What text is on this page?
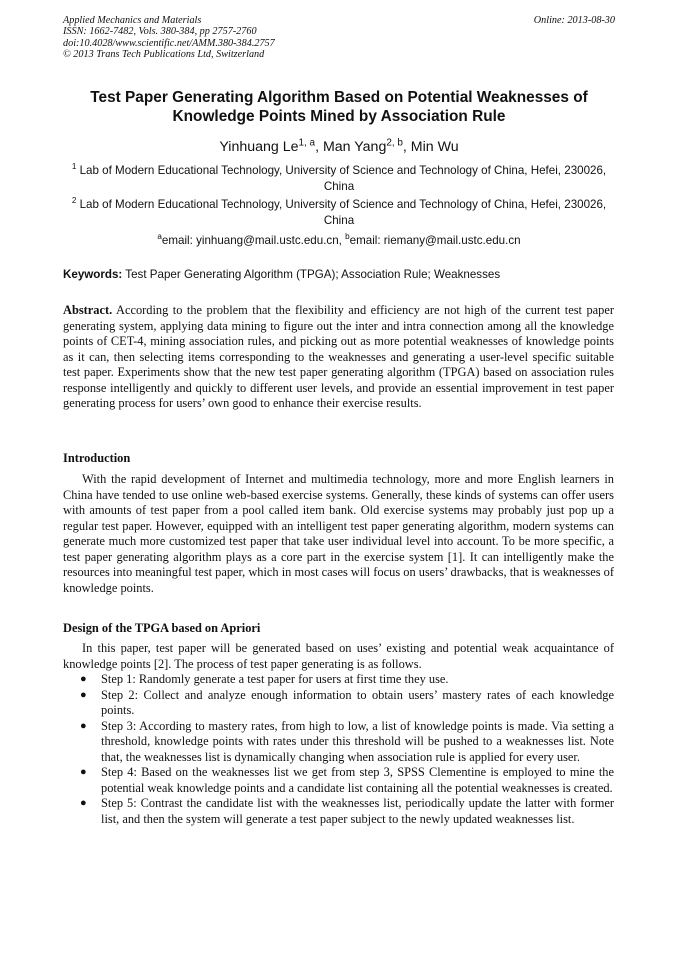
Applied Mechanics and Materials
ISSN: 1662-7482, Vols. 380-384, pp 2757-2760
doi:10.4028/www.scientific.net/AMM.380-384.2757
© 2013 Trans Tech Publications Ltd, Switzerland
Online: 2013-08-30
Test Paper Generating Algorithm Based on Potential Weaknesses of
Knowledge Points Mined by Association Rule
Yinhuang Le$^{1, a}$, Man Yang$^{2, b}$, Min Wu
$^1$ Lab of Modern Educational Technology, University of Science and Technology of China, Hefei, 230026, China
$^2$ Lab of Modern Educational Technology, University of Science and Technology of China, Hefei, 230026, China
$^a$email: yinhuang@mail.ustc.edu.cn, $^b$email: riemany@mail.ustc.edu.cn
Keywords: Test Paper Generating Algorithm (TPGA); Association Rule; Weaknesses
Abstract. According to the problem that the flexibility and efficiency are not high of the current test paper generating system, applying data mining to figure out the inter and intra connection among all the knowledge points of CET-4, mining association rules, and picking out as more potential weaknesses of knowledge points as it can, then selecting items corresponding to the weaknesses and generating a user-level specific suitable test paper. Experiments show that the new test paper generating algorithm (TPGA) based on association rules response intelligently and quickly to different user levels, and provide an essential improvement in test paper generating process for users’ own good to enhance their exercise results.
Introduction
With the rapid development of Internet and multimedia technology, more and more English learners in China have tended to use online web-based exercise systems. Generally, these kinds of systems can offer users with amounts of test paper from a pool called item bank. Old exercise systems may probably just pop up a regular test paper. However, equipped with an intelligent test paper generating algorithm, modern systems can generate much more customized test paper that take user individual level into account. To be more specific, a test paper generating algorithm plays as a core part in the exercise system [1]. It can intelligently make the resources into meaningful test paper, which in most cases will focus on users’ drawbacks, that is weaknesses of knowledge points.
Design of the TPGA based on Apriori
In this paper, test paper will be generated based on uses’ existing and potential weak acquaintance of knowledge points [2]. The process of test paper generating is as follows.
● Step 1: Randomly generate a test paper for users at first time they use.
● Step 2: Collect and analyze enough information to obtain users’ mastery rates of each knowledge points.
● Step 3: According to mastery rates, from high to low, a list of knowledge points is made. Via setting a threshold, knowledge points with rates under this threshold will be pushed to a weaknesses list. Note that, the weaknesses list is dynamically changing when association rule is applied for every user.
● Step 4: Based on the weaknesses list we get from step 3, SPSS Clementine is employed to mine the potential weak knowledge points and a candidate list containing all the potential weaknesses is created.
● Step 5: Contrast the candidate list with the weaknesses list, periodically update the latter with former list, and then the system will generate a test paper subject to the newly updated weaknesses list.
